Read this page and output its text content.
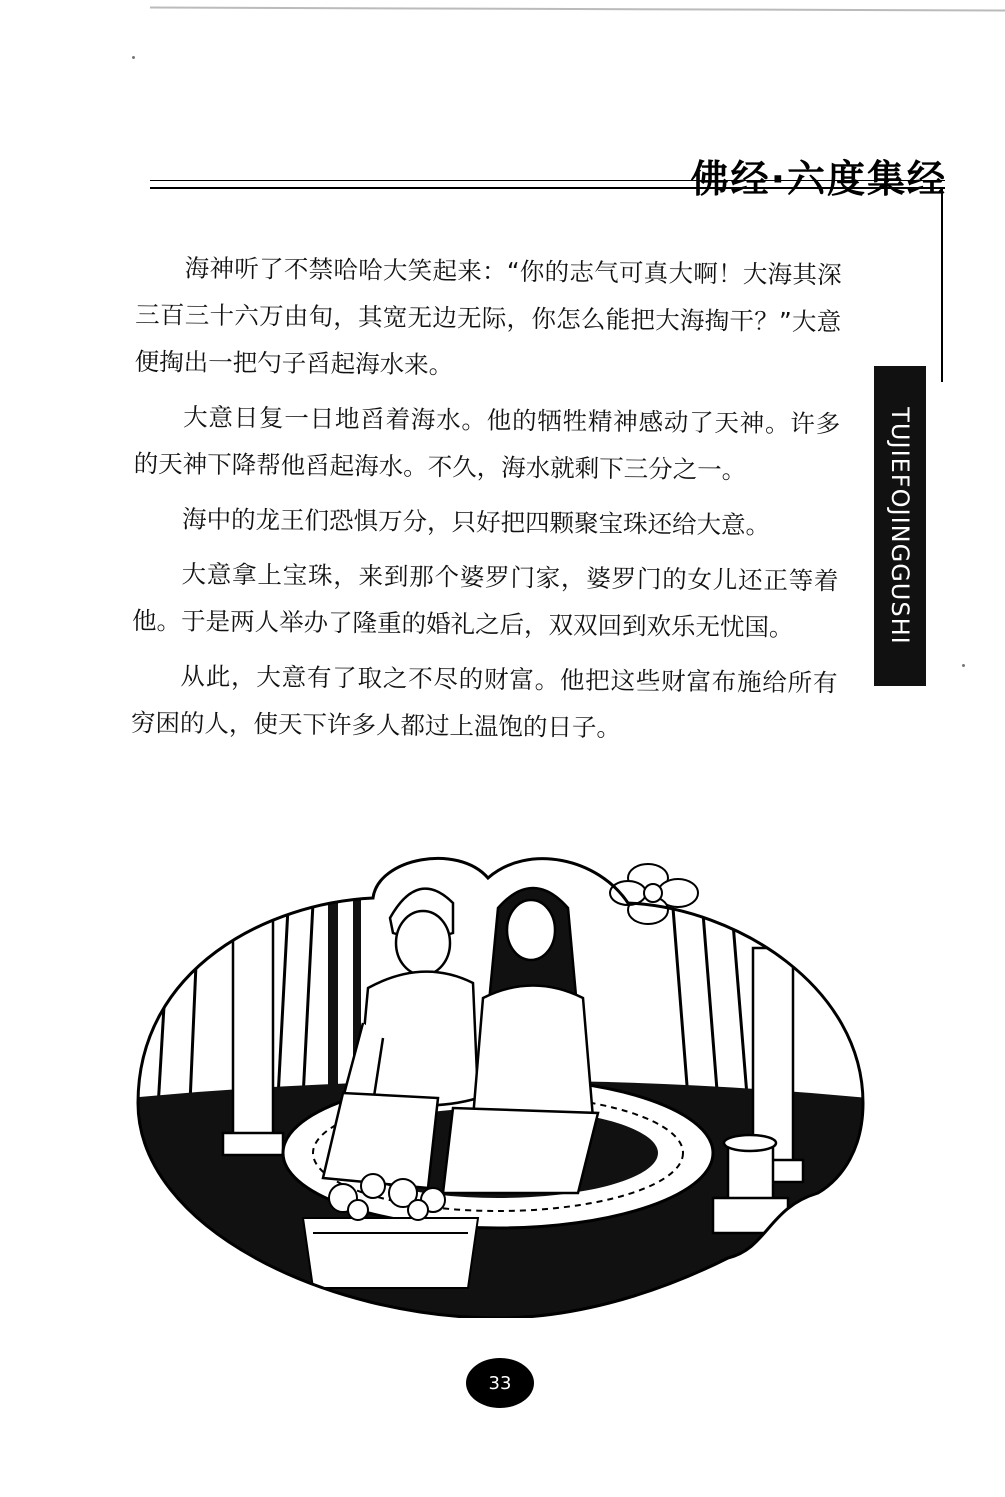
佛经·六度集经
TUJIEFOJINGGUSHI

海神听了不禁哈哈大笑起来：“你的志气可真大啊！大海其深三百三十六万由旬，其宽无边无际，你怎么能把大海掏干？”大意便掏出一把勺子舀起海水来。

大意日复一日地舀着海水。他的牺牲精神感动了天神。许多的天神下降帮他舀起海水。不久，海水就剩下三分之一。

海中的龙王们恐惧万分，只好把四颗聚宝珠还给大意。

大意拿上宝珠，来到那个婆罗门家，婆罗门的女儿还正等着他。于是两人举办了隆重的婚礼之后，双双回到欢乐无忧国。

从此，大意有了取之不尽的财富。他把这些财富布施给所有穷困的人，使天下许多人都过上温饱的日子。

33
